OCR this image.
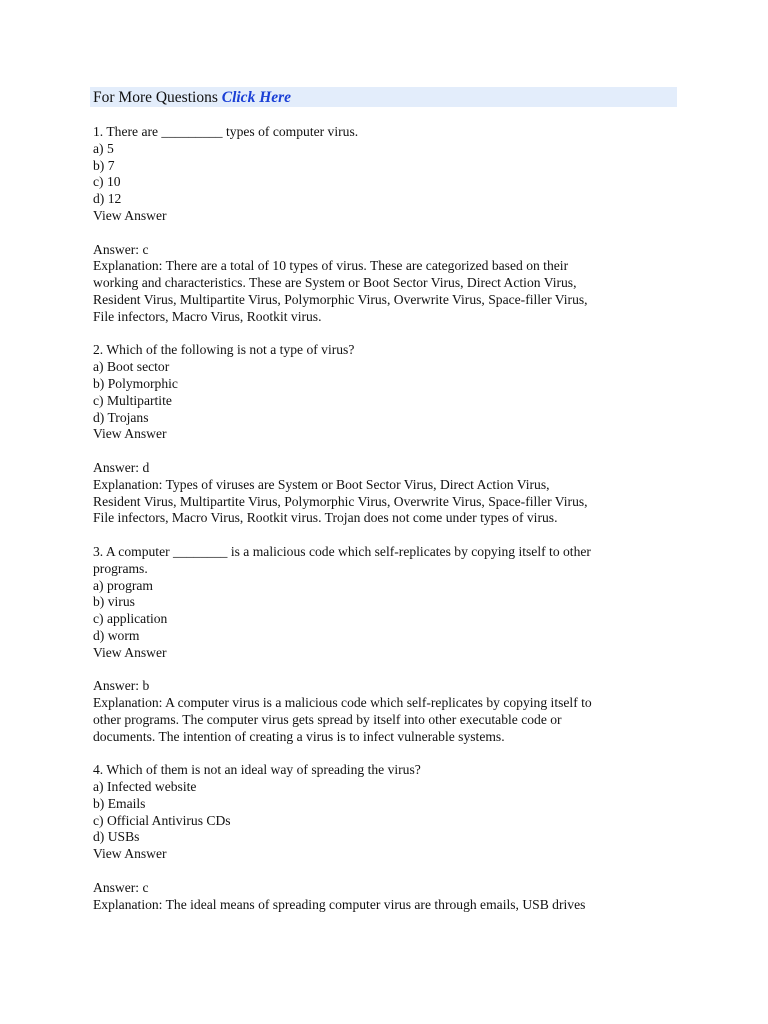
For More Questions Click Here
1. There are _________ types of computer virus.
a) 5
b) 7
c) 10
d) 12
View Answer
Answer: c
Explanation: There are a total of 10 types of virus. These are categorized based on their
working and characteristics. These are System or Boot Sector Virus, Direct Action Virus,
Resident Virus, Multipartite Virus, Polymorphic Virus, Overwrite Virus, Space-filler Virus,
File infectors, Macro Virus, Rootkit virus.
2. Which of the following is not a type of virus?
a) Boot sector
b) Polymorphic
c) Multipartite
d) Trojans
View Answer
Answer: d
Explanation: Types of viruses are System or Boot Sector Virus, Direct Action Virus,
Resident Virus, Multipartite Virus, Polymorphic Virus, Overwrite Virus, Space-filler Virus,
File infectors, Macro Virus, Rootkit virus. Trojan does not come under types of virus.
3. A computer ________ is a malicious code which self-replicates by copying itself to other
programs.
a) program
b) virus
c) application
d) worm
View Answer
Answer: b
Explanation: A computer virus is a malicious code which self-replicates by copying itself to
other programs. The computer virus gets spread by itself into other executable code or
documents. The intention of creating a virus is to infect vulnerable systems.
4. Which of them is not an ideal way of spreading the virus?
a) Infected website
b) Emails
c) Official Antivirus CDs
d) USBs
View Answer
Answer: c
Explanation: The ideal means of spreading computer virus are through emails, USB drives
